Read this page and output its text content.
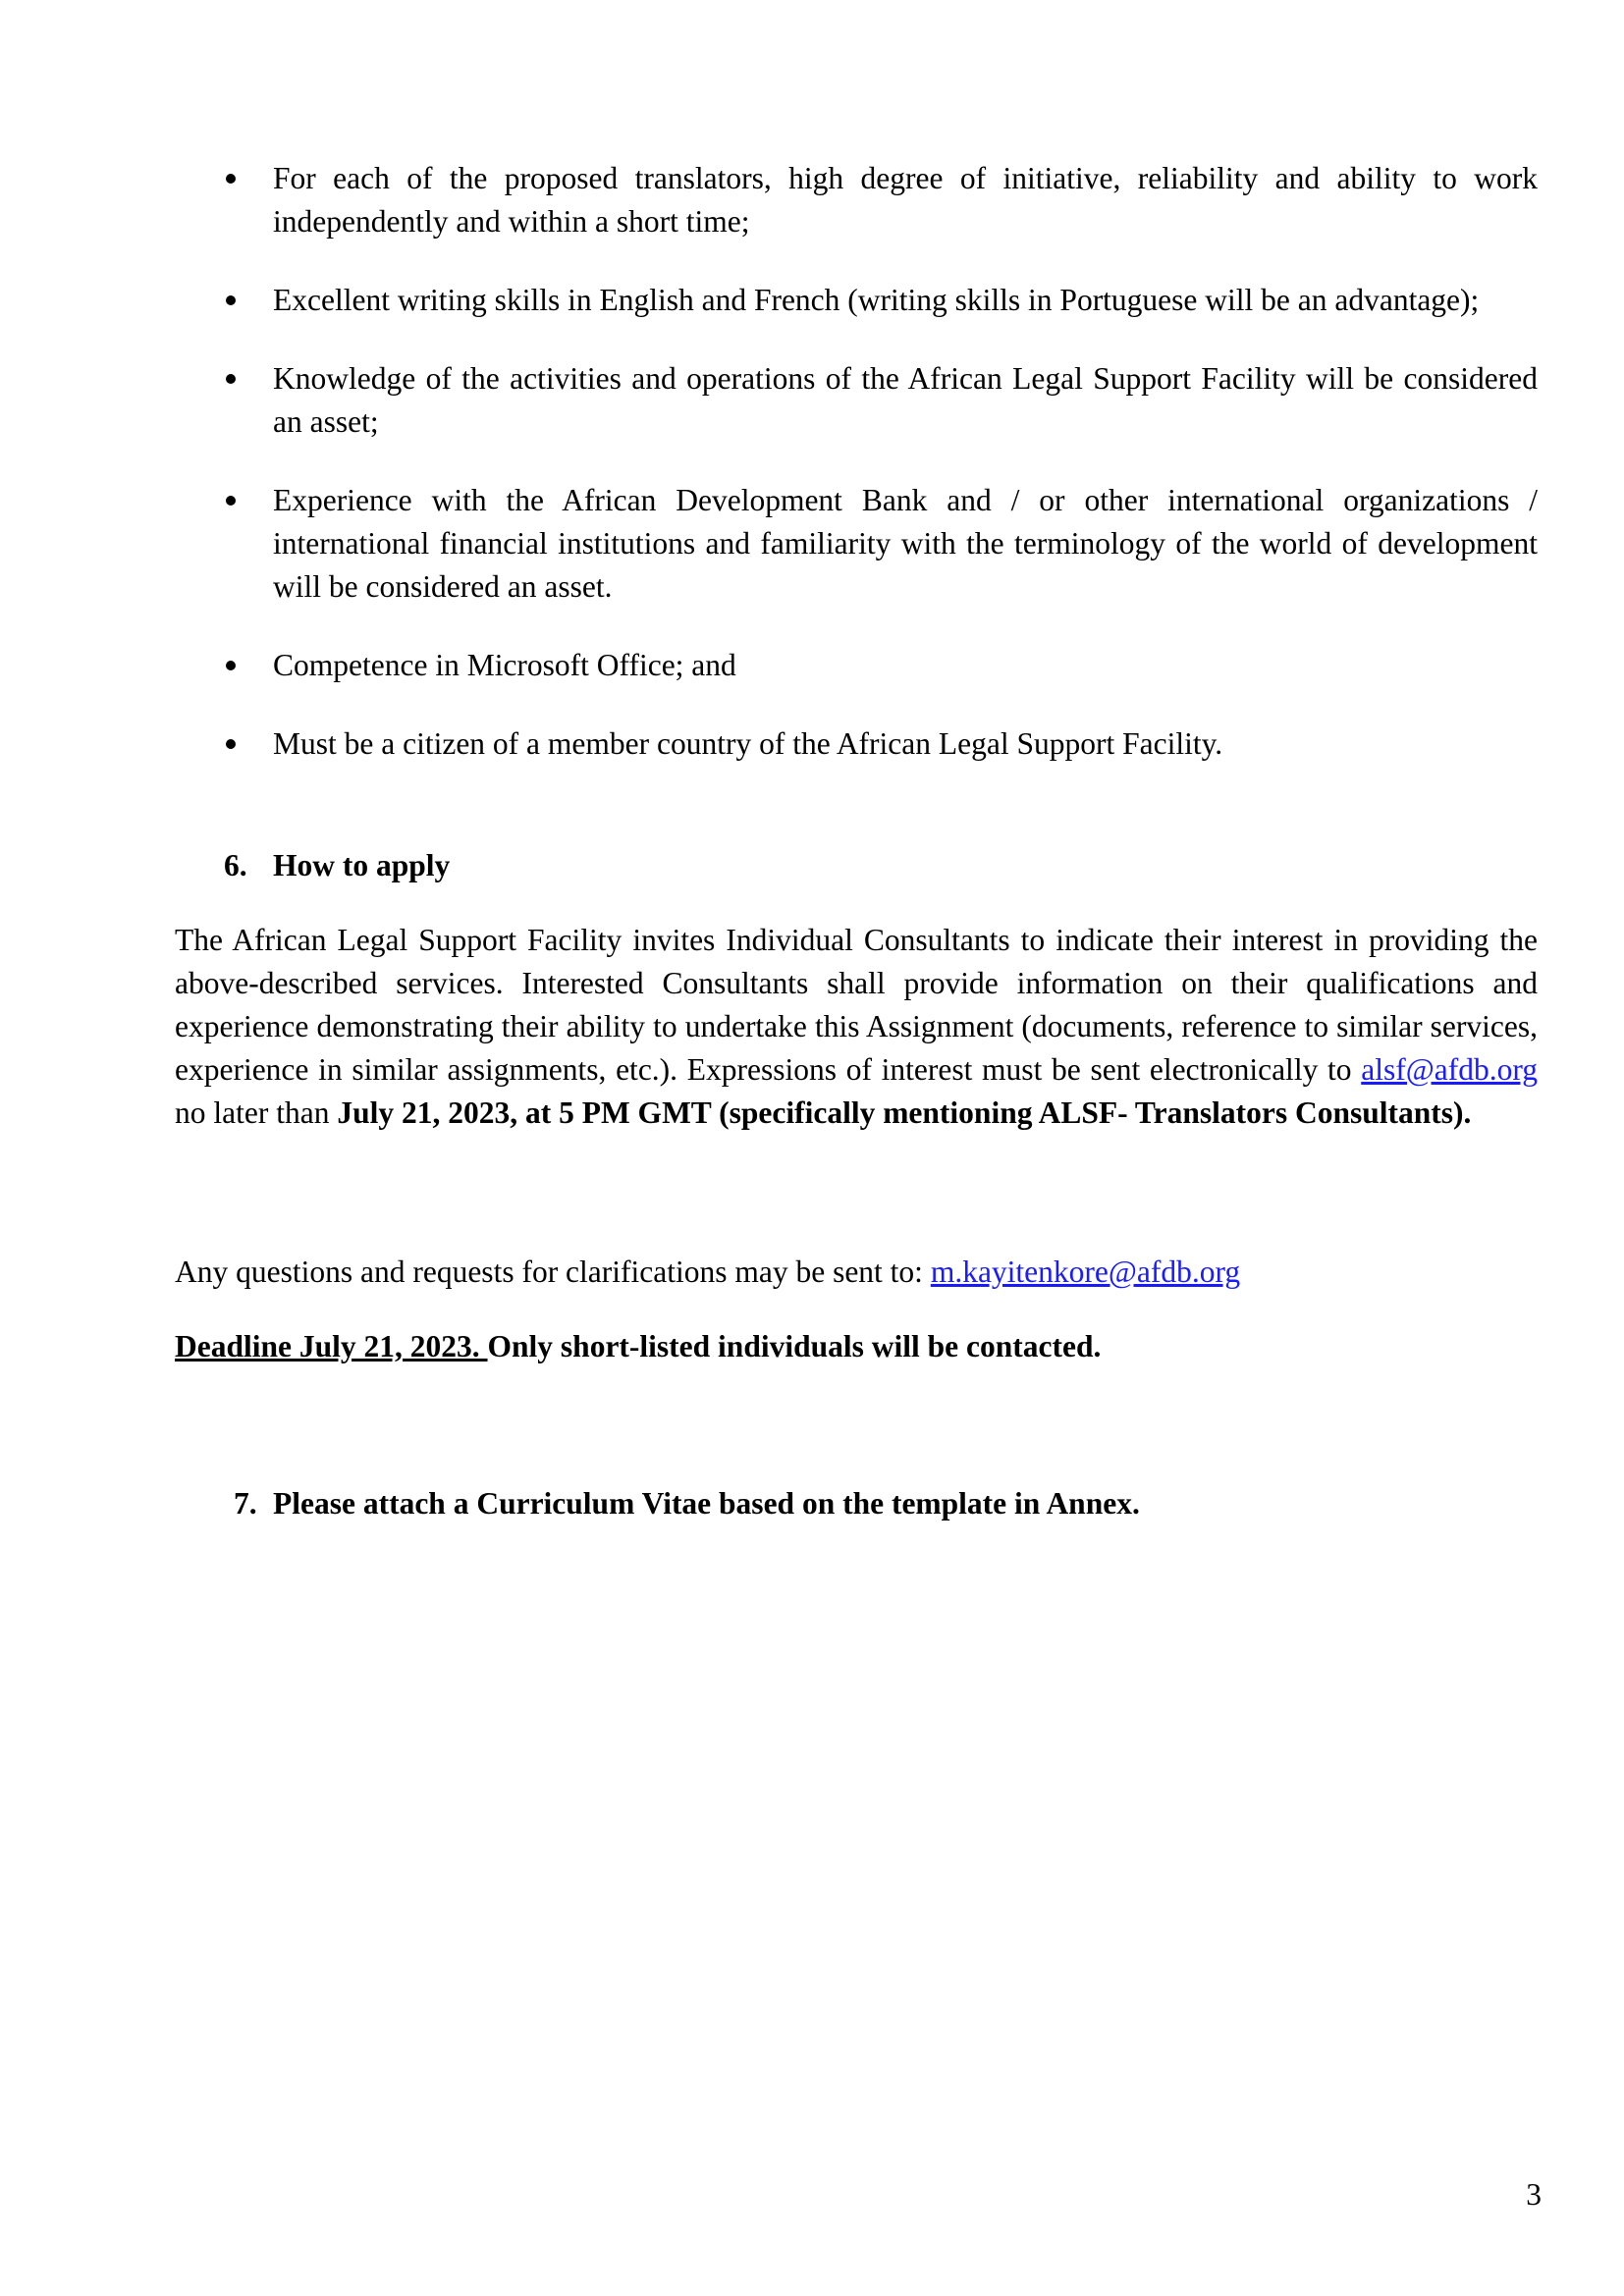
For each of the proposed translators, high degree of initiative, reliability and ability to work independently and within a short time;
Excellent writing skills in English and French (writing skills in Portuguese will be an advantage);
Knowledge of the activities and operations of the African Legal Support Facility will be considered an asset;
Experience with the African Development Bank and / or other international organizations / international financial institutions and familiarity with the terminology of the world of development will be considered an asset.
Competence in Microsoft Office; and
Must be a citizen of a member country of the African Legal Support Facility.
6. How to apply

The African Legal Support Facility invites Individual Consultants to indicate their interest in providing the above-described services. Interested Consultants shall provide information on their qualifications and experience demonstrating their ability to undertake this Assignment (documents, reference to similar services, experience in similar assignments, etc.). Expressions of interest must be sent electronically to alsf@afdb.org no later than July 21, 2023, at 5 PM GMT (specifically mentioning ALSF- Translators Consultants).

Any questions and requests for clarifications may be sent to: m.kayitenkore@afdb.org

Deadline July 21, 2023. Only short-listed individuals will be contacted.

7. Please attach a Curriculum Vitae based on the template in Annex.
3
